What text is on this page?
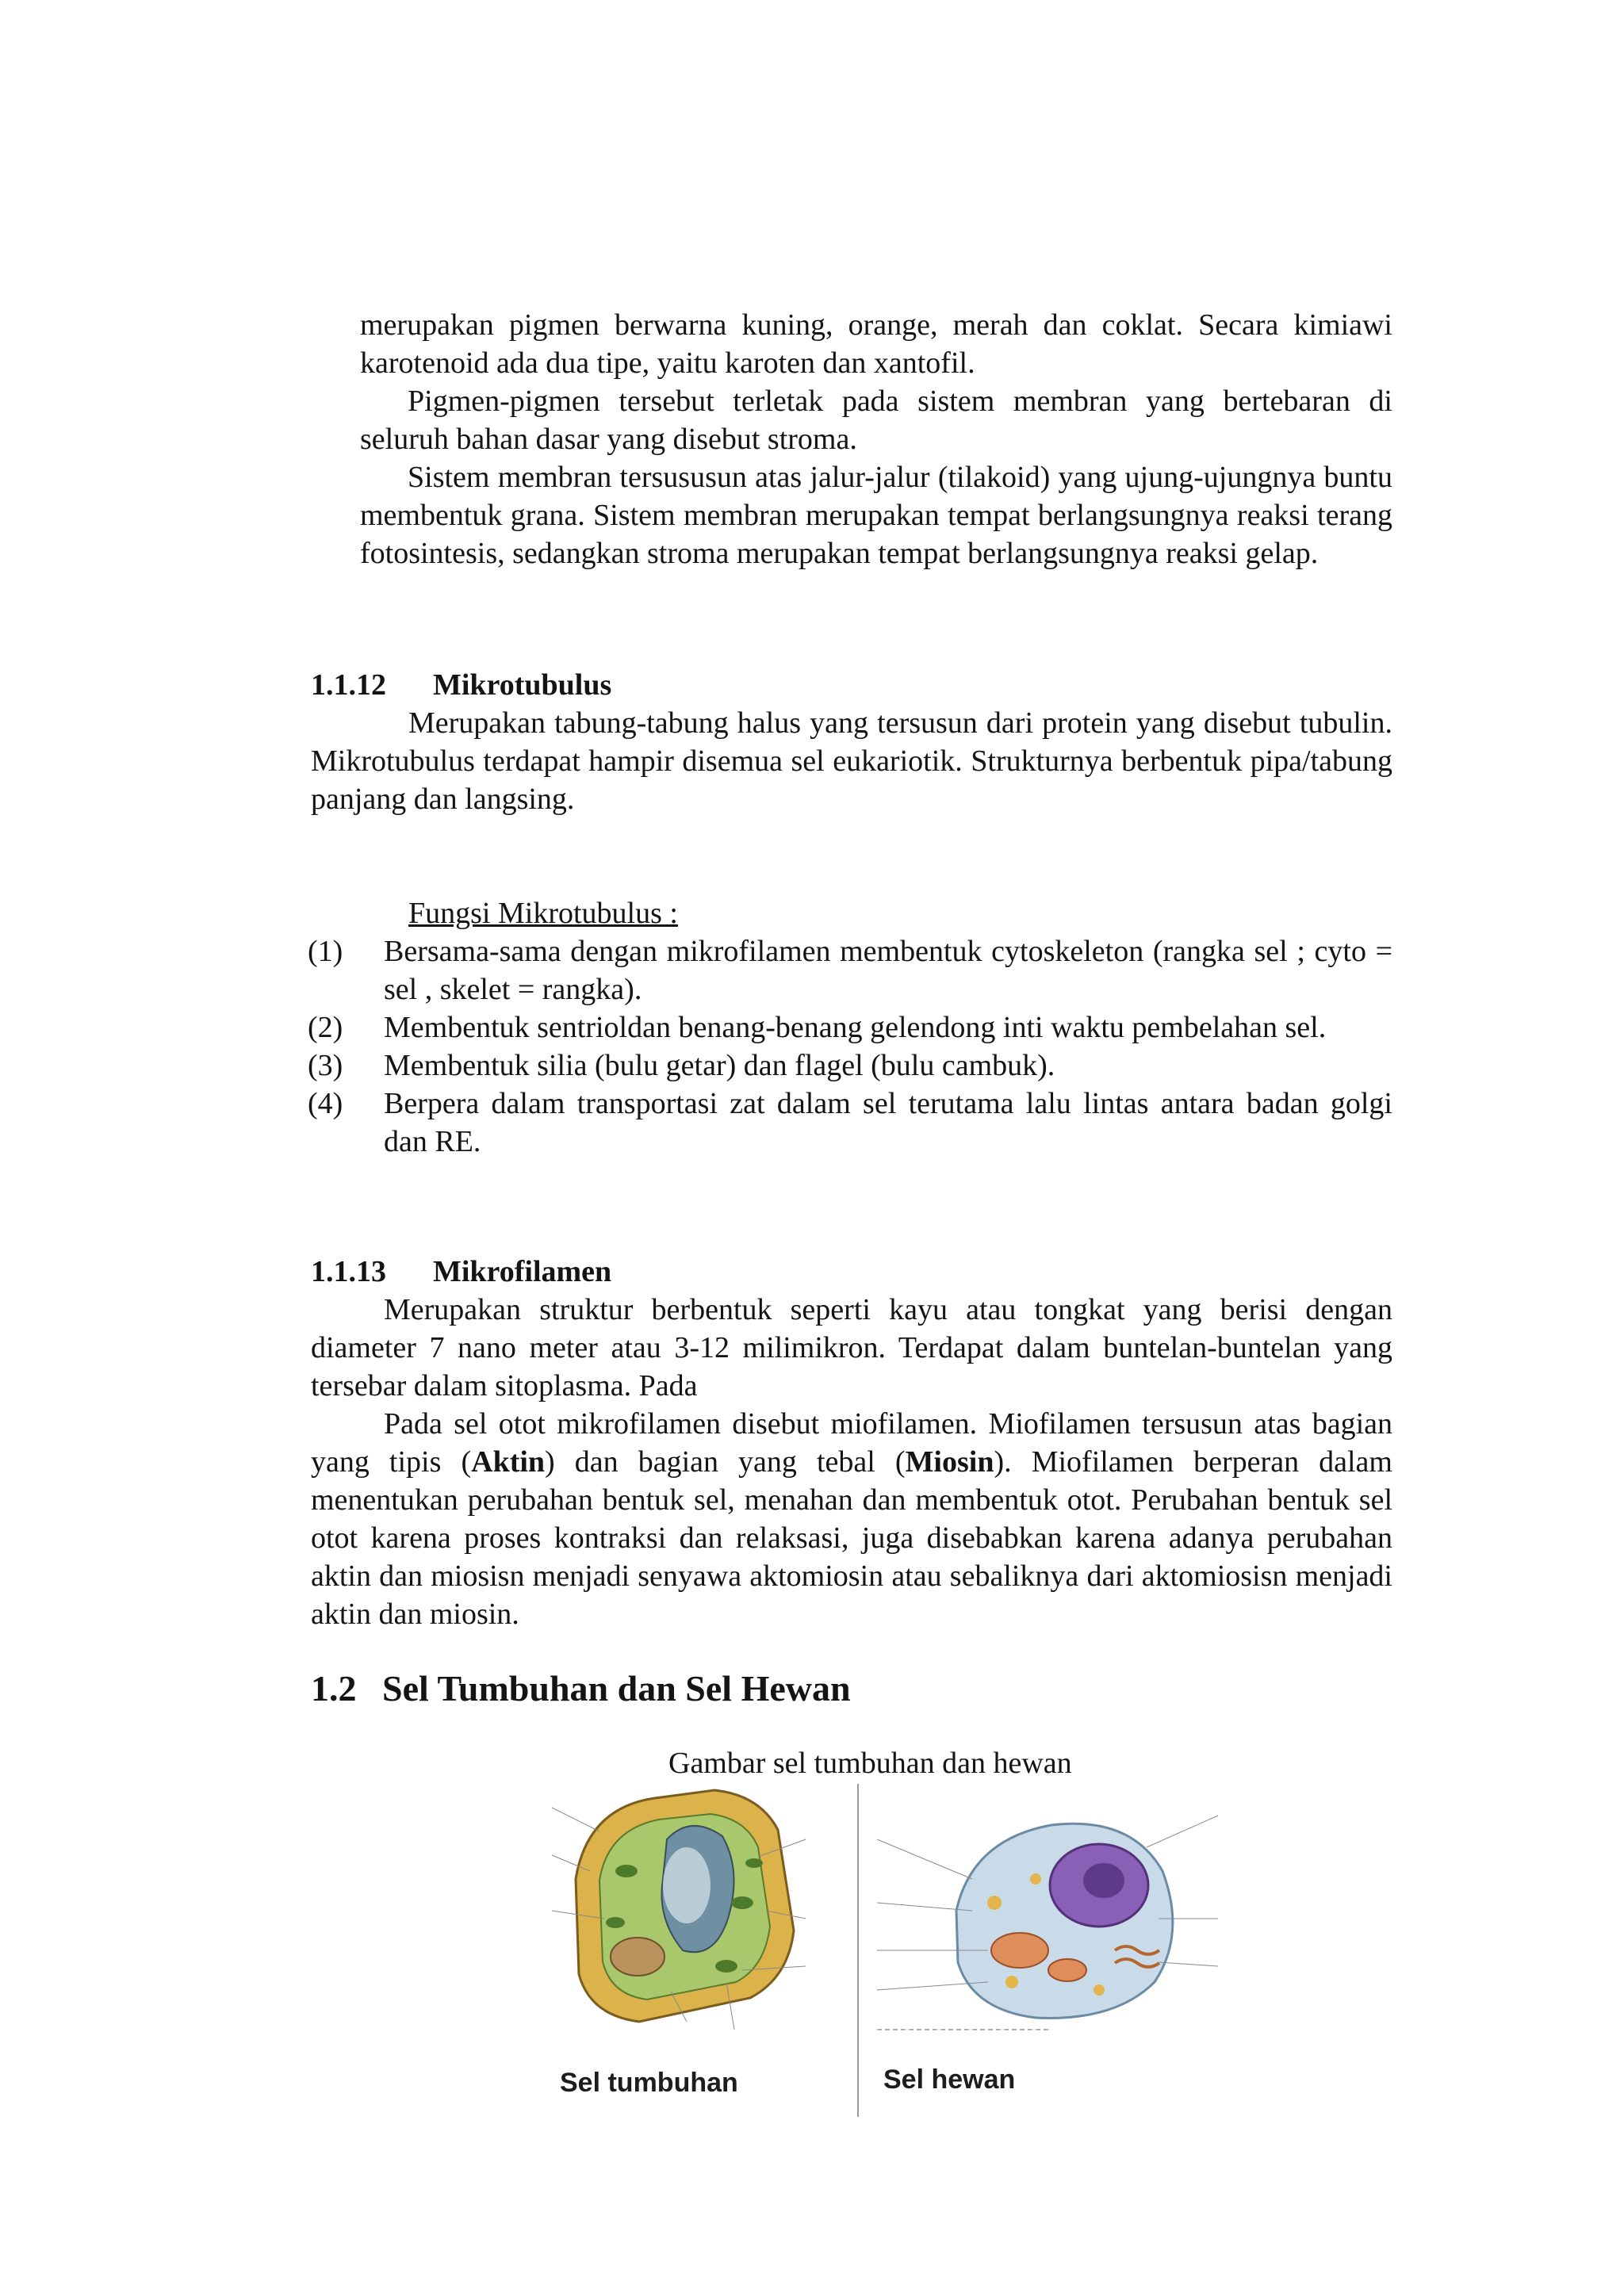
merupakan pigmen berwarna kuning, orange, merah dan coklat. Secara kimiawi karotenoid ada dua tipe, yaitu karoten dan xantofil.

Pigmen-pigmen tersebut terletak pada sistem membran yang bertebaran di seluruh bahan dasar yang disebut stroma.

Sistem membran tersususun atas jalur-jalur (tilakoid) yang ujung-ujungnya buntu membentuk grana. Sistem membran merupakan tempat berlangsungnya reaksi terang fotosintesis, sedangkan stroma merupakan tempat berlangsungnya reaksi gelap.

1.1.12 Mikrotubulus

Merupakan tabung-tabung halus yang tersusun dari protein yang disebut tubulin. Mikrotubulus terdapat hampir disemua sel eukariotik. Strukturnya berbentuk pipa/tabung panjang dan langsing.

Fungsi Mikrotubulus :
(1) Bersama-sama dengan mikrofilamen membentuk cytoskeleton (rangka sel ; cyto = sel , skelet = rangka).
(2) Membentuk sentrioldan benang-benang gelendong inti waktu pembelahan sel.
(3) Membentuk silia (bulu getar) dan flagel (bulu cambuk).
(4) Berpera dalam transportasi zat dalam sel terutama lalu lintas antara badan golgi dan RE.
1.1.13 Mikrofilamen

Merupakan struktur berbentuk seperti kayu atau tongkat yang berisi dengan diameter 7 nano meter atau 3-12 milimikron. Terdapat dalam buntelan-buntelan yang tersebar dalam sitoplasma. Pada

Pada sel otot mikrofilamen disebut miofilamen. Miofilamen tersusun atas bagian yang tipis (Aktin) dan bagian yang tebal (Miosin). Miofilamen berperan dalam menentukan perubahan bentuk sel, menahan dan membentuk otot. Perubahan bentuk sel otot karena proses kontraksi dan relaksasi, juga disebabkan karena adanya perubahan aktin dan miosisn menjadi senyawa aktomiosin atau sebaliknya dari aktomiosisn menjadi aktin dan miosin.

1.2 Sel Tumbuhan dan Sel Hewan
Gambar sel tumbuhan dan hewan
Sel tumbuhan	Sel hewan
